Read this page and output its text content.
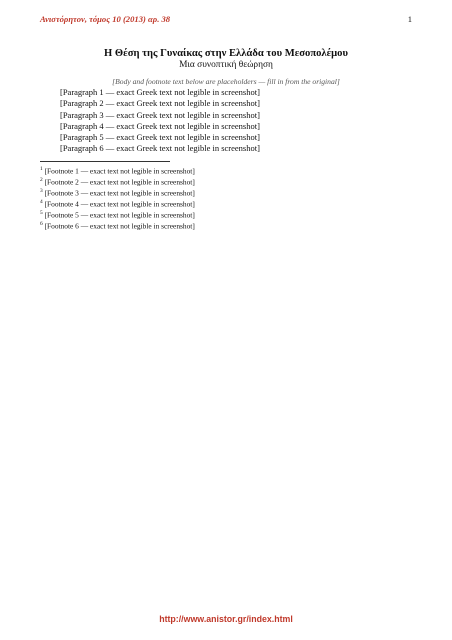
Ανιστόρητον, τόμος 10 (2013) αρ. 38	1
Η Θέση της Γυναίκας στην Ελλάδα του Μεσοπολέμου
Μια συνοπτική θεώρηση
[Body and footnote text below are placeholders — fill in from the original]

[Paragraph 1 — exact Greek text not legible in screenshot]

[Paragraph 2 — exact Greek text not legible in screenshot]

[Paragraph 3 — exact Greek text not legible in screenshot]

[Paragraph 4 — exact Greek text not legible in screenshot]

[Paragraph 5 — exact Greek text not legible in screenshot]

[Paragraph 6 — exact Greek text not legible in screenshot]

$^1$ [Footnote 1 — exact text not legible in screenshot]

$^2$ [Footnote 2 — exact text not legible in screenshot]

$^3$ [Footnote 3 — exact text not legible in screenshot]

$^4$ [Footnote 4 — exact text not legible in screenshot]

$^5$ [Footnote 5 — exact text not legible in screenshot]

$^6$ [Footnote 6 — exact text not legible in screenshot]

http://www.anistor.gr/index.html
